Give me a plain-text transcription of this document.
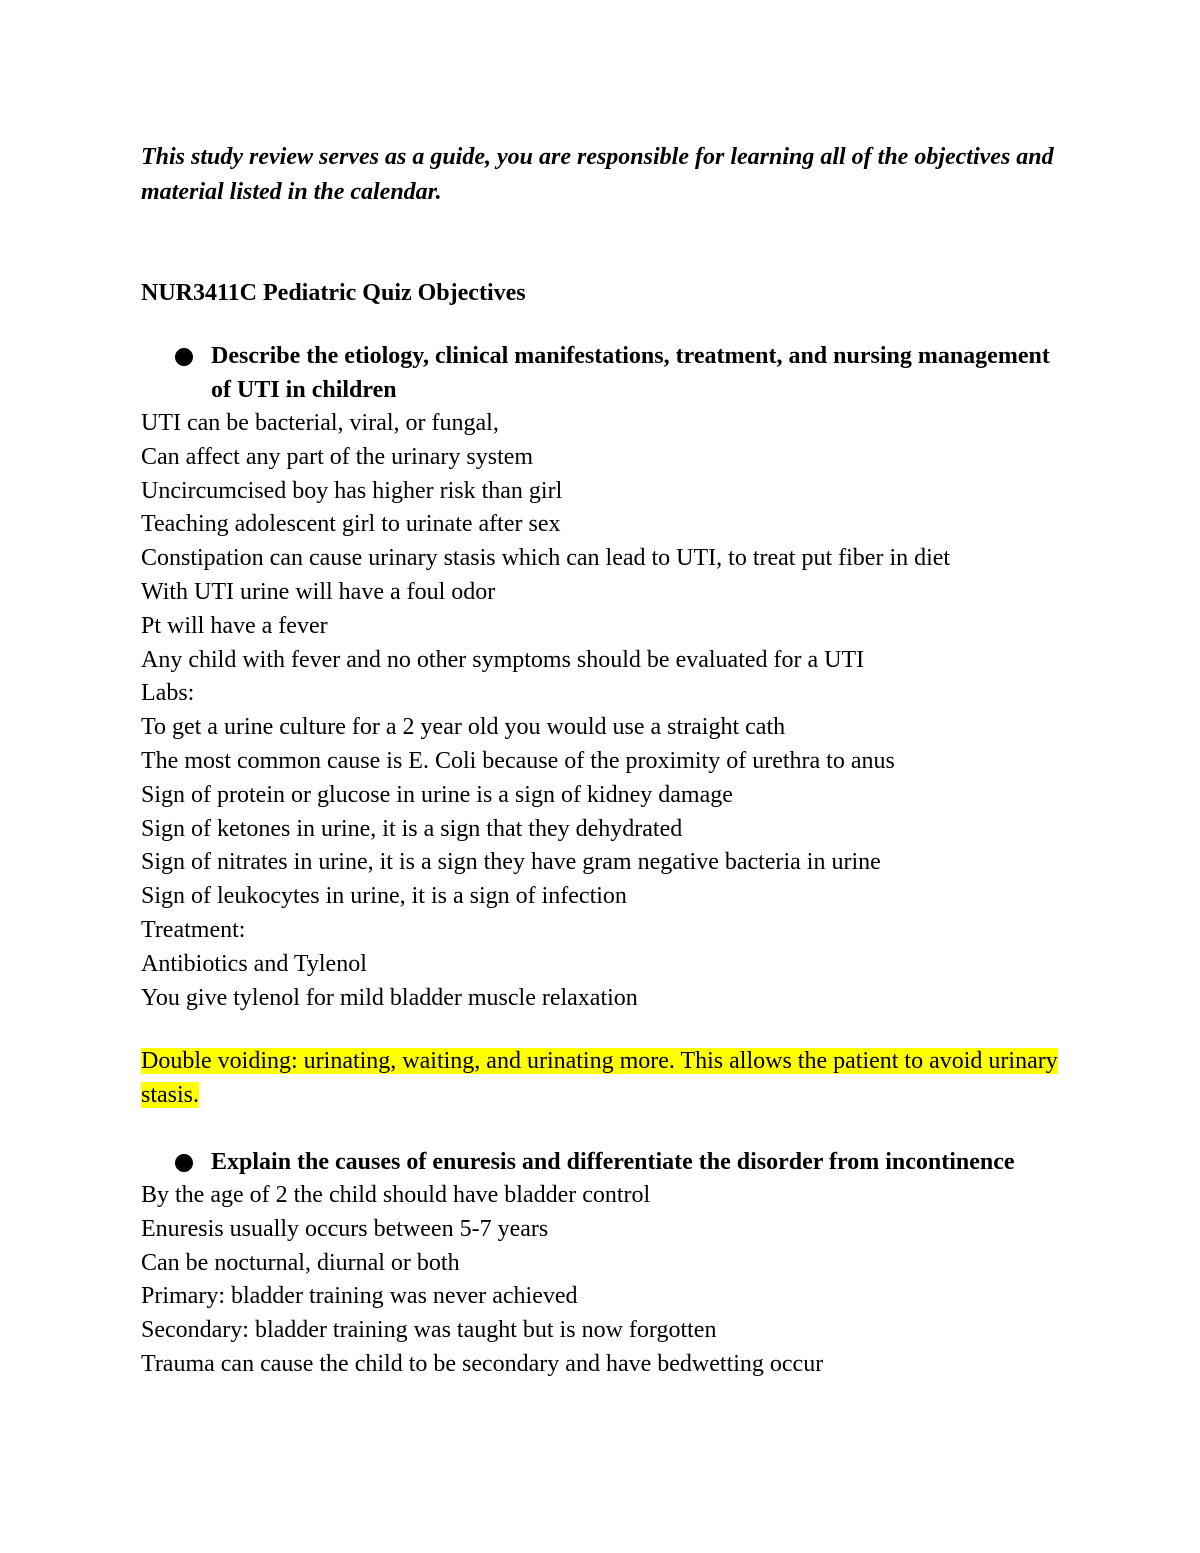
This study review serves as a guide, you are responsible for learning all of the objectives and material listed in the calendar.
NUR3411C Pediatric Quiz Objectives
Describe the etiology, clinical manifestations, treatment, and nursing management of UTI in children
UTI can be bacterial, viral, or fungal,
Can affect any part of the urinary system
Uncircumcised boy has higher risk than girl
Teaching adolescent girl to urinate after sex
Constipation can cause urinary stasis which can lead to UTI, to treat put fiber in diet
With UTI urine will have a foul odor
Pt will have a fever
Any child with fever and no other symptoms should be evaluated for a UTI
Labs:
To get a urine culture for a 2 year old you would use a straight cath
The most common cause is E. Coli because of the proximity of urethra to anus
Sign of protein or glucose in urine is a sign of kidney damage
Sign of ketones in urine, it is a sign that they dehydrated
Sign of nitrates in urine, it is a sign they have gram negative bacteria in urine
Sign of leukocytes in urine, it is a sign of infection
Treatment:
Antibiotics and Tylenol
You give tylenol for mild bladder muscle relaxation
Double voiding: urinating, waiting, and urinating more. This allows the patient to avoid urinary stasis.
Explain the causes of enuresis and differentiate the disorder from incontinence
By the age of 2 the child should have bladder control
Enuresis usually occurs between 5-7 years
Can be nocturnal, diurnal or both
Primary: bladder training was never achieved
Secondary: bladder training was taught but is now forgotten
Trauma can cause the child to be secondary and have bedwetting occur
